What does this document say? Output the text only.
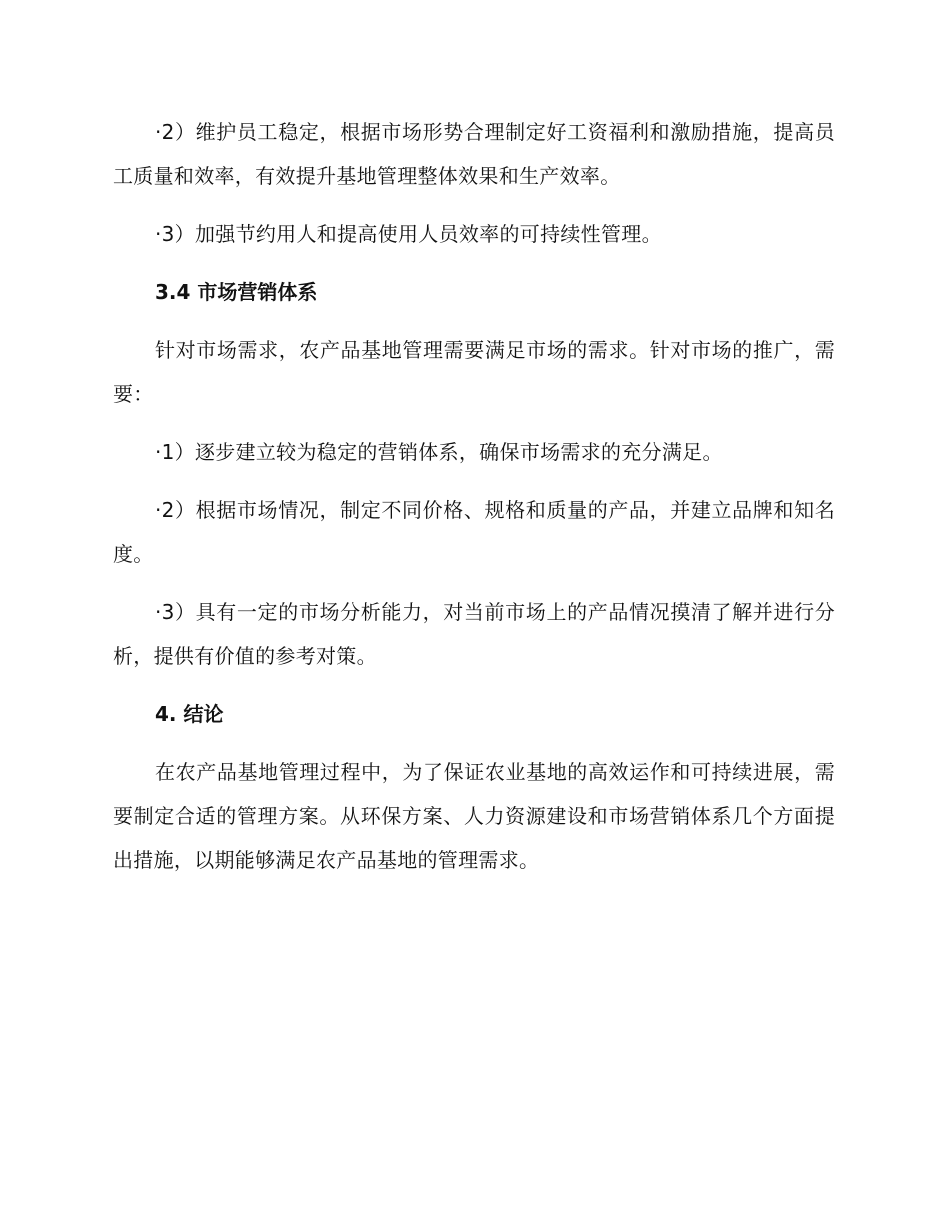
·2）维护员工稳定，根据市场形势合理制定好工资福利和激励措施，提高员工质量和效率，有效提升基地管理整体效果和生产效率。

·3）加强节约用人和提高使用人员效率的可持续性管理。

3.4 市场营销体系

针对市场需求，农产品基地管理需要满足市场的需求。针对市场的推广，需要：

·1）逐步建立较为稳定的营销体系，确保市场需求的充分满足。

·2）根据市场情况，制定不同价格、规格和质量的产品，并建立品牌和知名度。

·3）具有一定的市场分析能力，对当前市场上的产品情况摸清了解并进行分析，提供有价值的参考对策。

4. 结论

在农产品基地管理过程中，为了保证农业基地的高效运作和可持续进展，需要制定合适的管理方案。从环保方案、人力资源建设和市场营销体系几个方面提出措施，以期能够满足农产品基地的管理需求。
